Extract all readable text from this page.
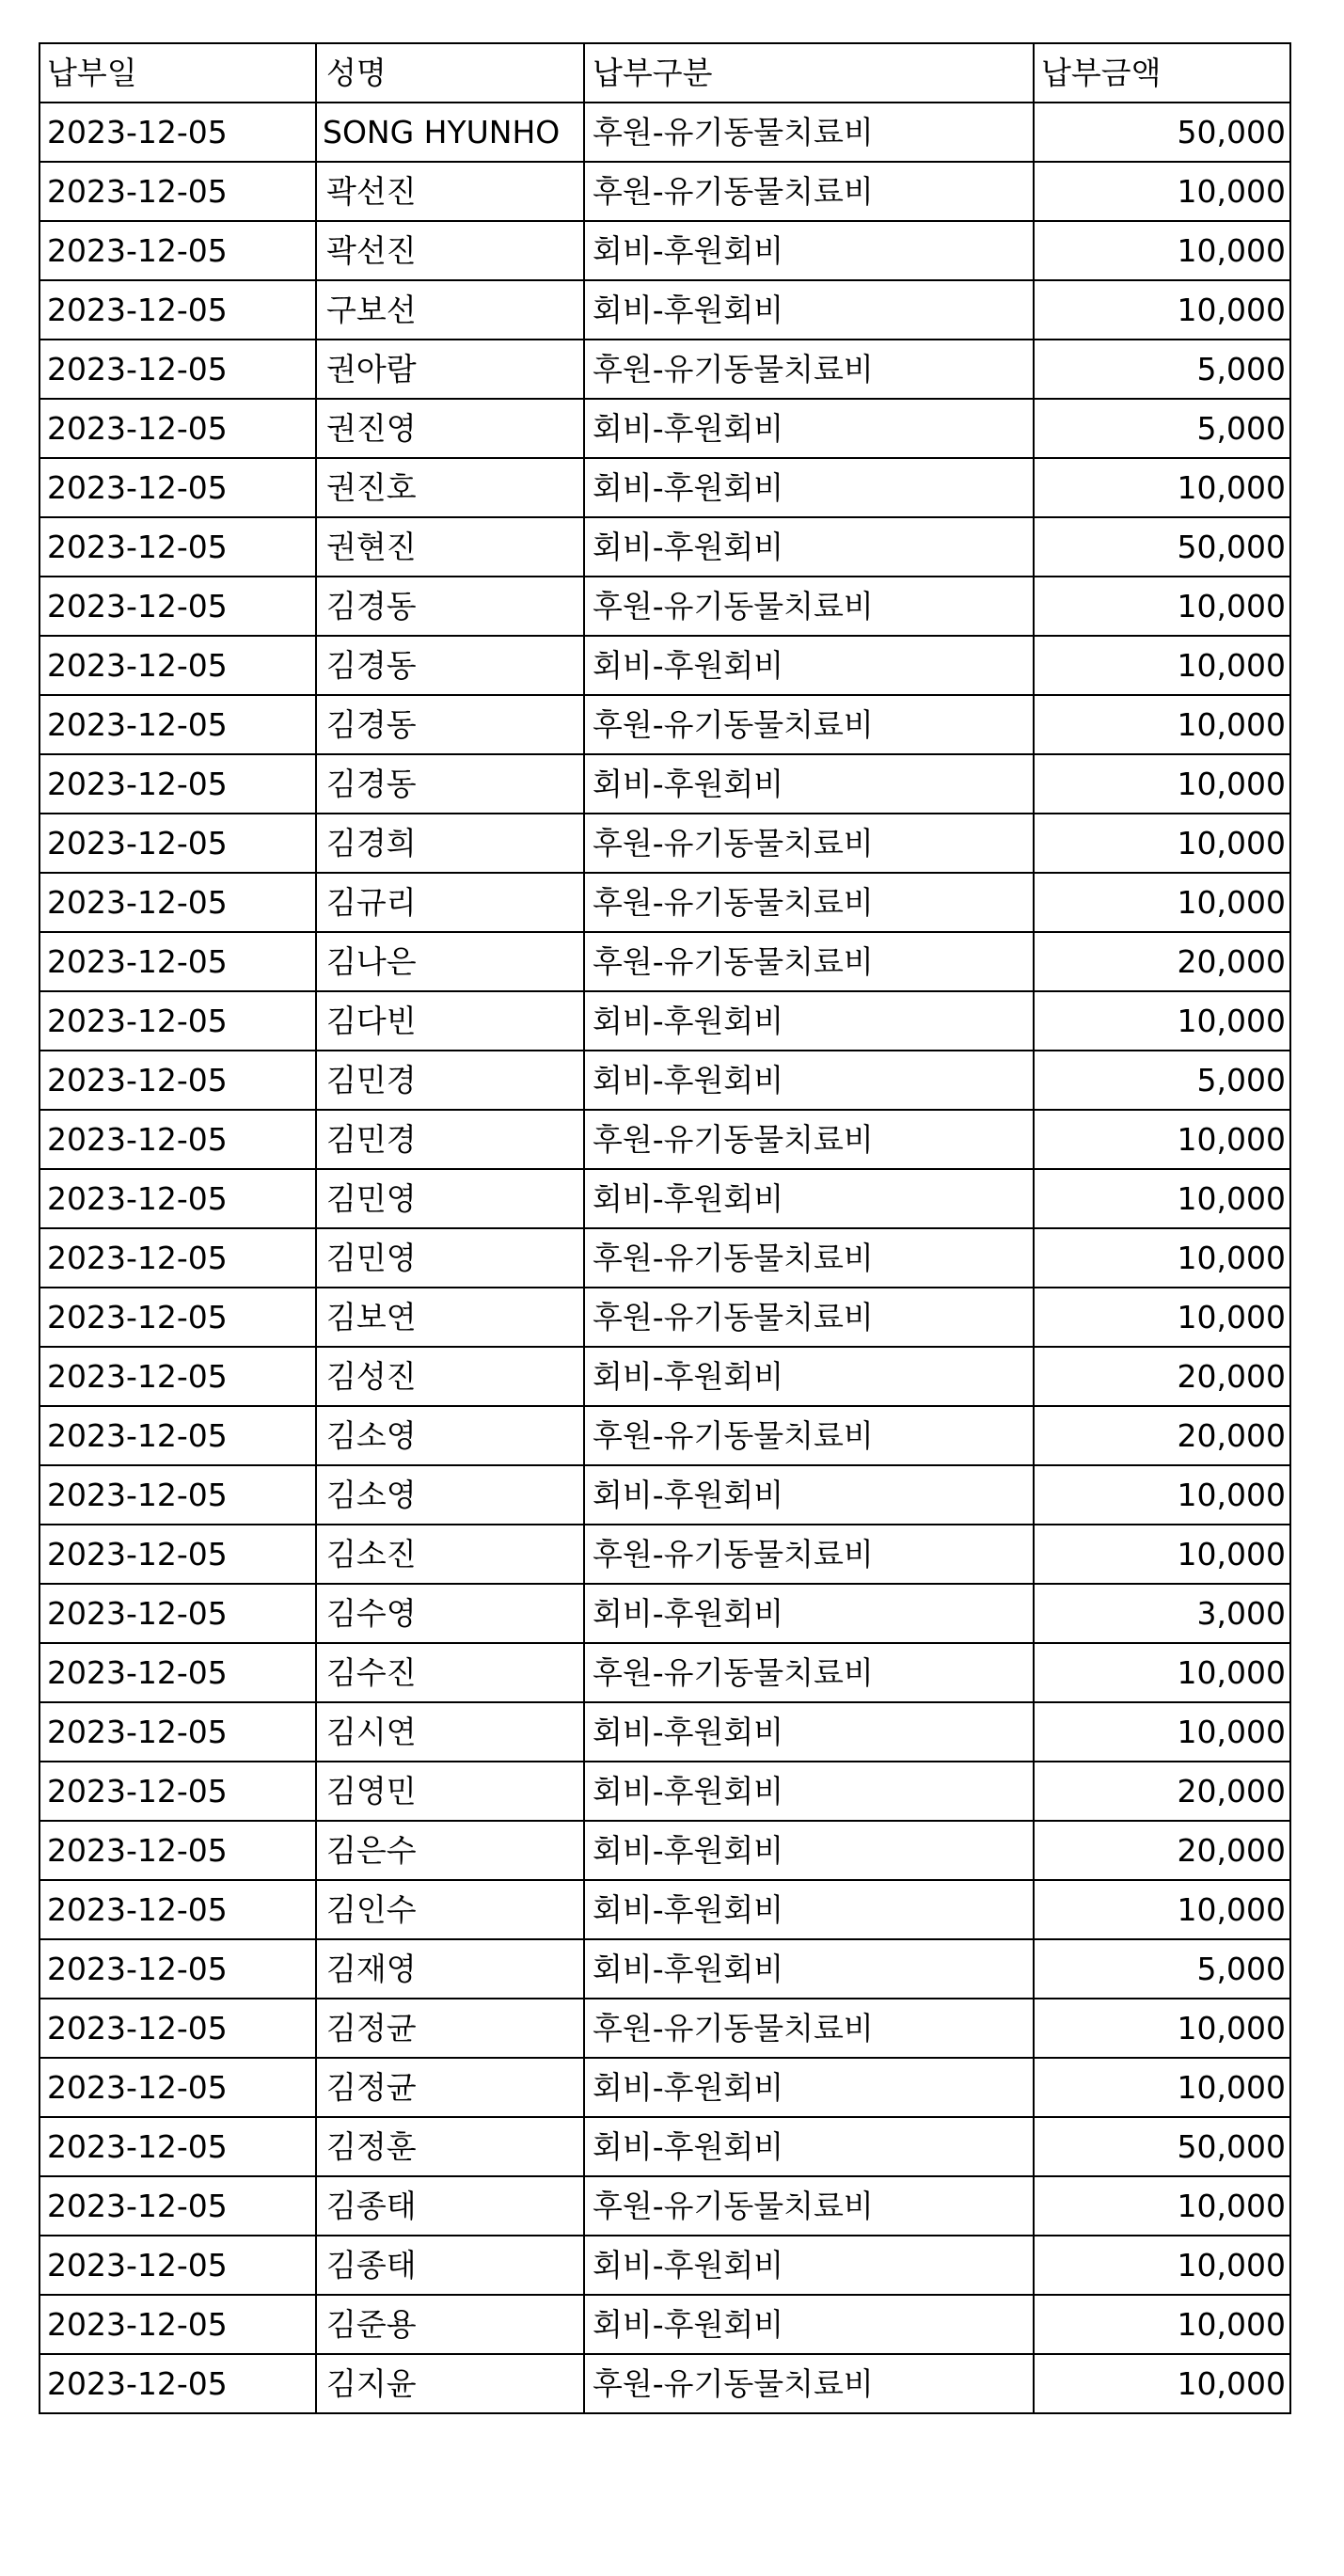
납부일	성명	납부구분	납부금액
2023-12-05	SONG HYUNHO	후원-유기동물치료비	50,000
2023-12-05	곽선진	후원-유기동물치료비	10,000
2023-12-05	곽선진	회비-후원회비	10,000
2023-12-05	구보선	회비-후원회비	10,000
2023-12-05	권아람	후원-유기동물치료비	5,000
2023-12-05	권진영	회비-후원회비	5,000
2023-12-05	권진호	회비-후원회비	10,000
2023-12-05	권현진	회비-후원회비	50,000
2023-12-05	김경동	후원-유기동물치료비	10,000
2023-12-05	김경동	회비-후원회비	10,000
2023-12-05	김경동	후원-유기동물치료비	10,000
2023-12-05	김경동	회비-후원회비	10,000
2023-12-05	김경희	후원-유기동물치료비	10,000
2023-12-05	김규리	후원-유기동물치료비	10,000
2023-12-05	김나은	후원-유기동물치료비	20,000
2023-12-05	김다빈	회비-후원회비	10,000
2023-12-05	김민경	회비-후원회비	5,000
2023-12-05	김민경	후원-유기동물치료비	10,000
2023-12-05	김민영	회비-후원회비	10,000
2023-12-05	김민영	후원-유기동물치료비	10,000
2023-12-05	김보연	후원-유기동물치료비	10,000
2023-12-05	김성진	회비-후원회비	20,000
2023-12-05	김소영	후원-유기동물치료비	20,000
2023-12-05	김소영	회비-후원회비	10,000
2023-12-05	김소진	후원-유기동물치료비	10,000
2023-12-05	김수영	회비-후원회비	3,000
2023-12-05	김수진	후원-유기동물치료비	10,000
2023-12-05	김시연	회비-후원회비	10,000
2023-12-05	김영민	회비-후원회비	20,000
2023-12-05	김은수	회비-후원회비	20,000
2023-12-05	김인수	회비-후원회비	10,000
2023-12-05	김재영	회비-후원회비	5,000
2023-12-05	김정균	후원-유기동물치료비	10,000
2023-12-05	김정균	회비-후원회비	10,000
2023-12-05	김정훈	회비-후원회비	50,000
2023-12-05	김종태	후원-유기동물치료비	10,000
2023-12-05	김종태	회비-후원회비	10,000
2023-12-05	김준용	회비-후원회비	10,000
2023-12-05	김지윤	후원-유기동물치료비	10,000
